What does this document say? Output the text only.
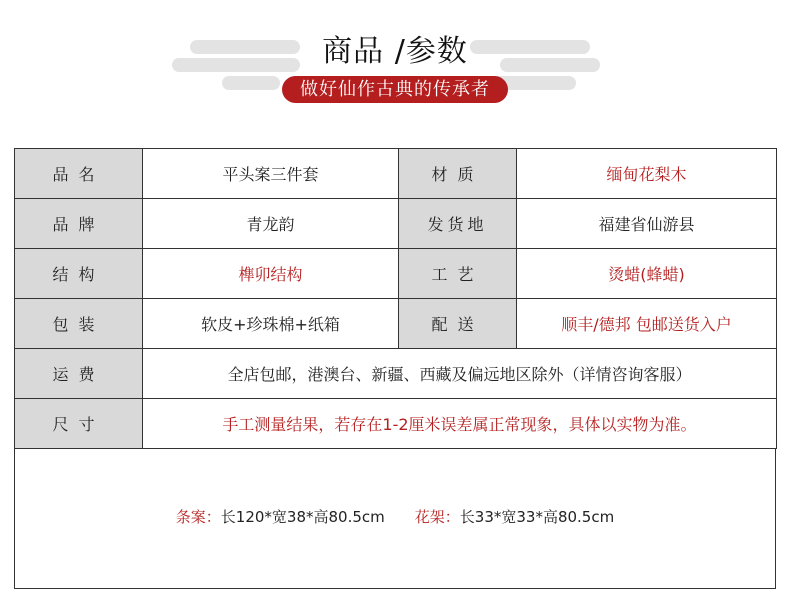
商品 /参数
做好仙作古典的传承者
品名	平头案三件套	材质	缅甸花梨木
品牌	青龙韵	发货地	福建省仙游县
结构	榫卯结构	工艺	烫蜡(蜂蜡)
包装	软皮+珍珠棉+纸箱	配送	顺丰/德邦 包邮送货入户
运费	全店包邮，港澳台、新疆、西藏及偏远地区除外（详情咨询客服）		
尺寸	手工测量结果，若存在1-2厘米误差属正常现象，具体以实物为准。		
条案：长120*宽38*高80.5cm 花架：长33*宽33*高80.5cm
